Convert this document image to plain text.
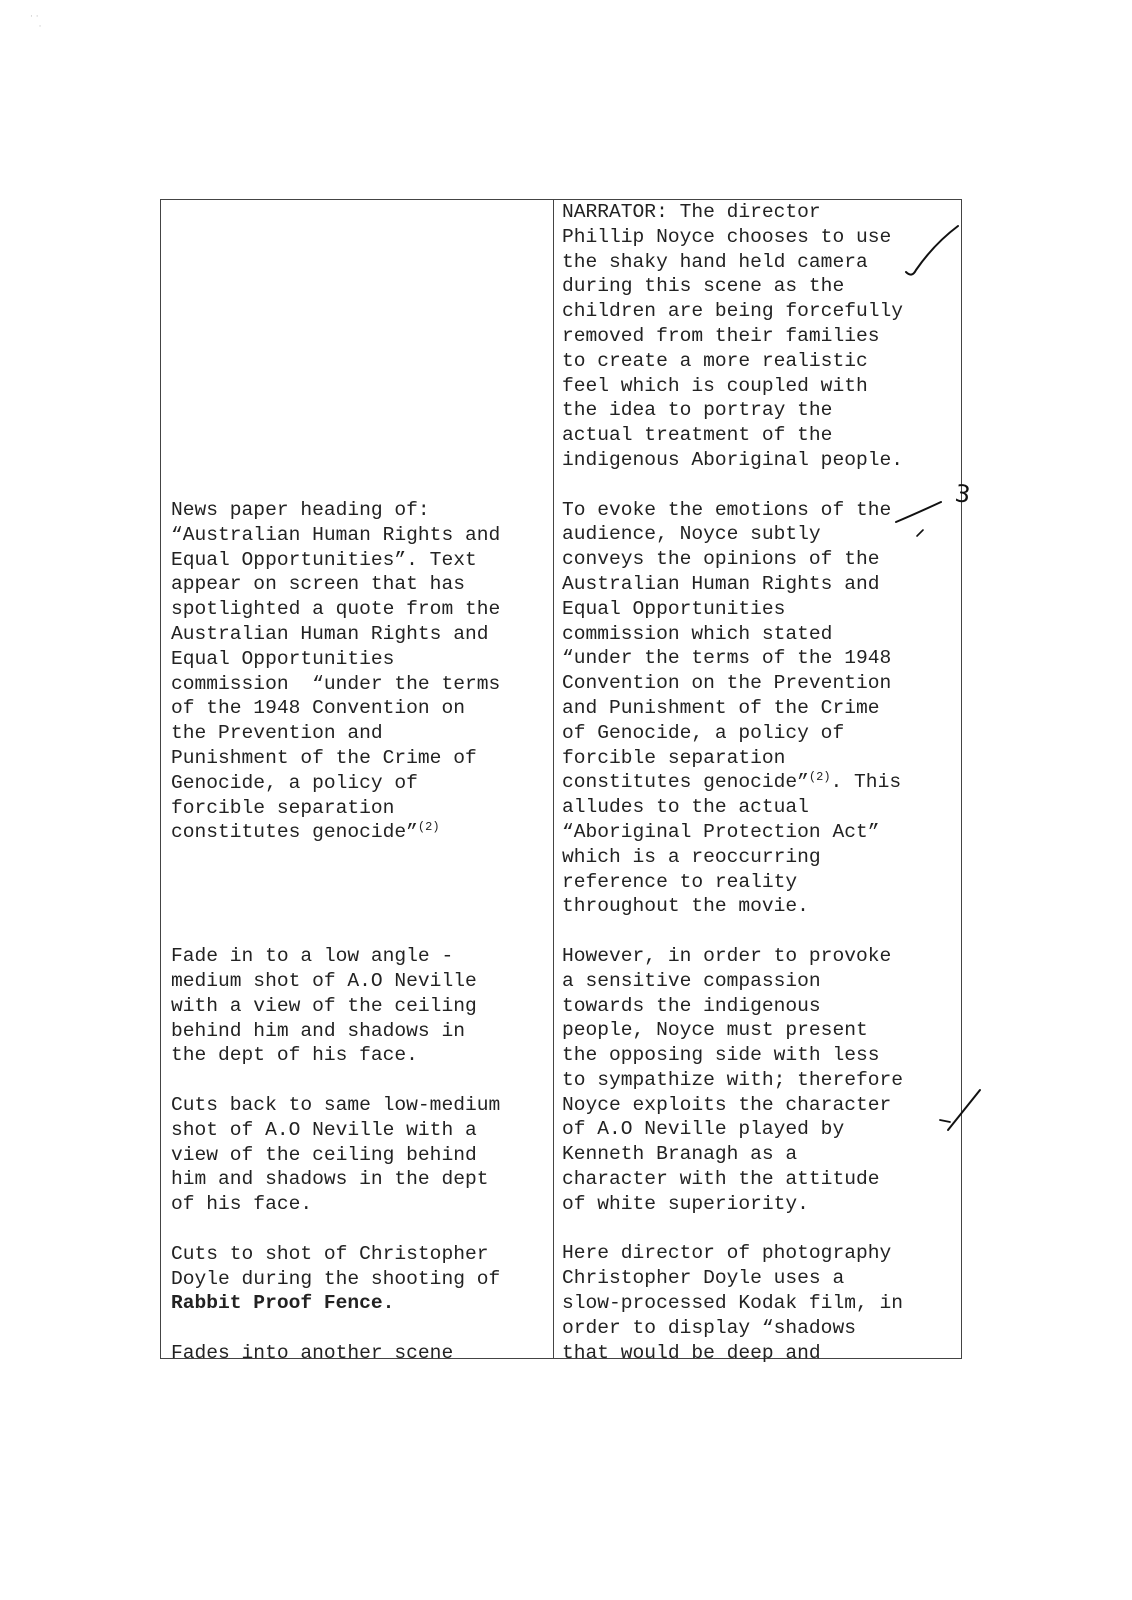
· ·
·
News paper heading of:
“Australian Human Rights and
Equal Opportunities”. Text
appear on screen that has
spotlighted a quote from the
Australian Human Rights and
Equal Opportunities
commission  “under the terms
of the 1948 Convention on
the Prevention and
Punishment of the Crime of
Genocide, a policy of
forcible separation
constitutes genocide”$^{(2)}$
Fade in to a low angle -
medium shot of A.O Neville
with a view of the ceiling
behind him and shadows in
the dept of his face.
Cuts back to same low-medium
shot of A.O Neville with a
view of the ceiling behind
him and shadows in the dept
of his face.
Cuts to shot of Christopher
Doyle during the shooting of
Rabbit Proof Fence.
Fades into another scene
NARRATOR: The director
Phillip Noyce chooses to use
the shaky hand held camera
during this scene as the
children are being forcefully
removed from their families
to create a more realistic
feel which is coupled with
the idea to portray the
actual treatment of the
indigenous Aboriginal people.
To evoke the emotions of the
audience, Noyce subtly
conveys the opinions of the
Australian Human Rights and
Equal Opportunities
commission which stated
“under the terms of the 1948
Convention on the Prevention
and Punishment of the Crime
of Genocide, a policy of
forcible separation
constitutes genocide”$^{(2)}$. This
alludes to the actual
“Aboriginal Protection Act”
which is a reoccurring
reference to reality
throughout the movie.
However, in order to provoke
a sensitive compassion
towards the indigenous
people, Noyce must present
the opposing side with less
to sympathize with; therefore
Noyce exploits the character
of A.O Neville played by
Kenneth Branagh as a
character with the attitude
of white superiority.
Here director of photography
Christopher Doyle uses a
slow-processed Kodak film, in
order to display “shadows
that would be deep and
3
